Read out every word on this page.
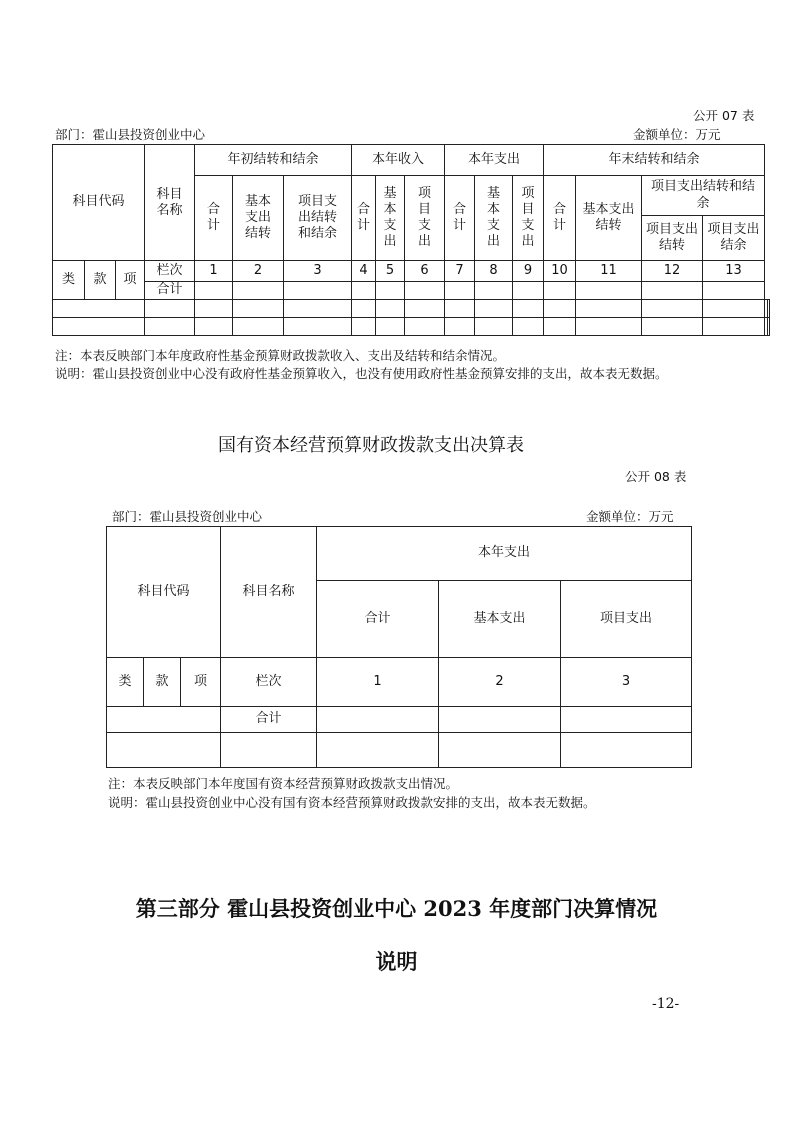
公开 07 表
部门：霍山县投资创业中心	金额单位：万元
科目代码			科目名称	年初结转和结余			本年收入			本年支出			年末结转和结余					
				合计	基本支出结转	项目支出结转和结余	合计	基本支出	项目支出	合计	基本支出	项目支出	合计	基本支出结转	项目支出结转和结余			
															项目支出结转	项目支出结余		
类	款	项	栏次	1	2	3	4	5	6	7	8	9	10	11	12	13		
			合计															

注：本表反映部门本年度政府性基金预算财政拨款收入、支出及结转和结余情况。
说明：霍山县投资创业中心没有政府性基金预算收入，也没有使用政府性基金预算安排的支出，故本表无数据。
国有资本经营预算财政拨款支出决算表
公开 08 表
部门：霍山县投资创业中心	金额单位：万元
科目代码			科目名称	本年支出		
				合计	基本支出	项目支出
类	款	项	栏次	1	2	3
			合计			

注：本表反映部门本年度国有资本经营预算财政拨款支出情况。
说明：霍山县投资创业中心没有国有资本经营预算财政拨款安排的支出，故本表无数据。
第三部分 霍山县投资创业中心 2023 年度部门决算情况
说明
-12-
